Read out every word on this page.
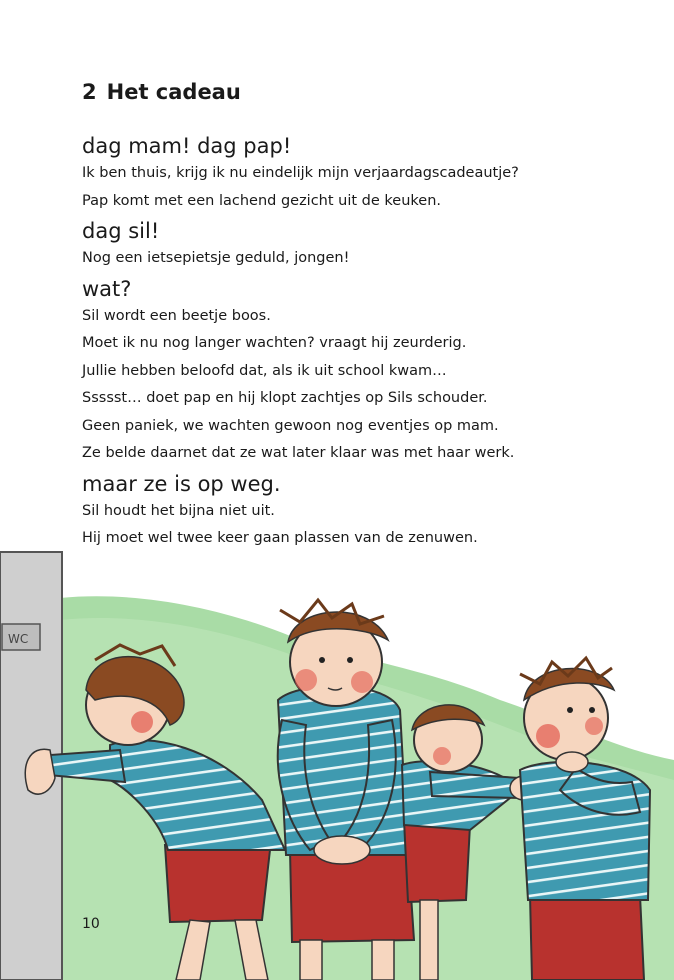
2 Het cadeau

dag mam! dag pap!

Ik ben thuis, krijg ik nu eindelijk mijn verjaardagscadeautje?

Pap komt met een lachend gezicht uit de keuken.

dag sil!

Nog een ietsepietsje geduld, jongen!

wat?

Sil wordt een beetje boos.

Moet ik nu nog langer wachten? vraagt hij zeurderig.

Jullie hebben beloofd dat, als ik uit school kwam…

Ssssst… doet pap en hij klopt zachtjes op Sils schouder.

Geen paniek, we wachten gewoon nog eventjes op mam.

Ze belde daarnet dat ze wat later klaar was met haar werk.

maar ze is op weg.

Sil houdt het bijna niet uit.

Hij moet wel twee keer gaan plassen van de zenuwen.

WC

10
